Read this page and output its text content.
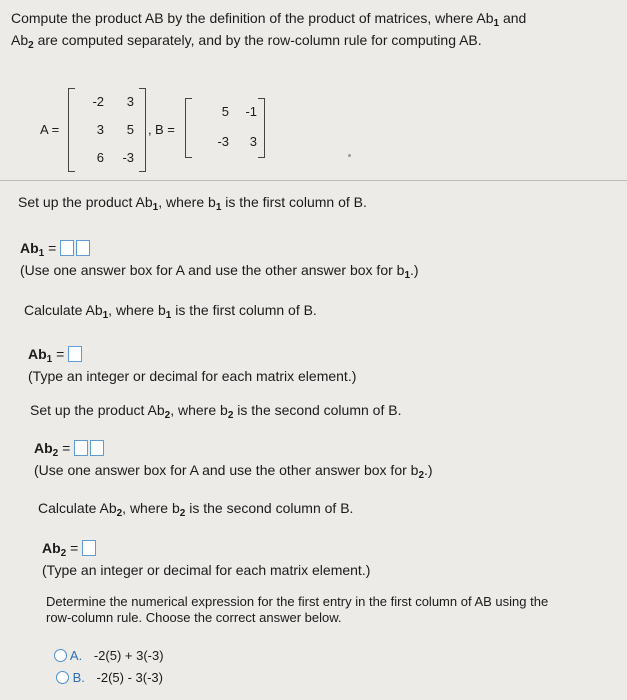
Compute the product AB by the definition of the product of matrices, where $Ab_1$ and
$Ab_2$ are computed separately, and by the row-column rule for computing AB.
A =
-2	3
3	5
6	-3
, B =
5	-1
-3	3
Set up the product $Ab_1$, where $b_1$ is the first column of B.
$Ab_1$ =
(Use one answer box for A and use the other answer box for $b_1$.)
Calculate $Ab_1$, where $b_1$ is the first column of B.
$Ab_1$ =
(Type an integer or decimal for each matrix element.)
Set up the product $Ab_2$, where $b_2$ is the second column of B.
$Ab_2$ =
(Use one answer box for A and use the other answer box for $b_2$.)
Calculate $Ab_2$, where $b_2$ is the second column of B.
$Ab_2$ =
(Type an integer or decimal for each matrix element.)
Determine the numerical expression for the first entry in the first column of AB using the
row-column rule. Choose the correct answer below.
A. -2(5) + 3(-3)
B. -2(5) - 3(-3)
